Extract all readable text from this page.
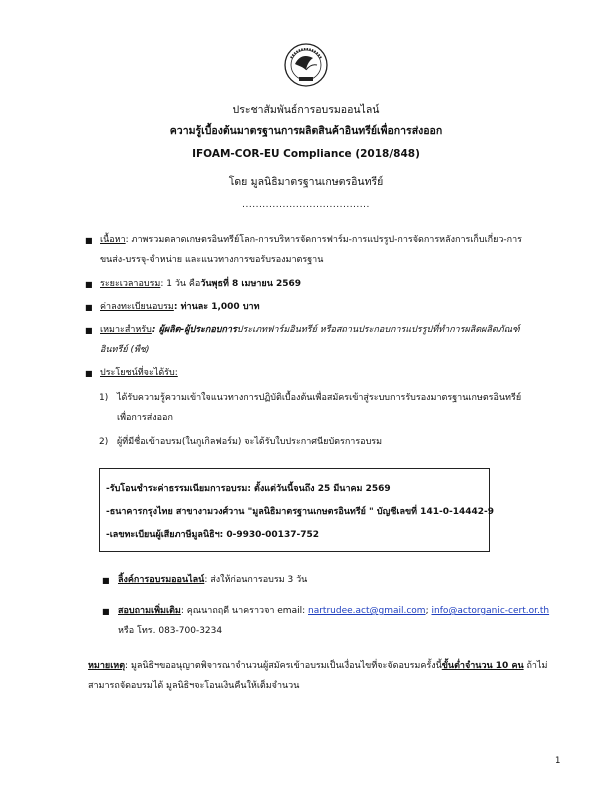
ประชาสัมพันธ์การอบรมออนไลน์
ความรู้เบื้องต้นมาตรฐานการผลิตสินค้าอินทรีย์เพื่อการส่งออก
IFOAM-COR-EU Compliance (2018/848)
โดย มูลนิธิมาตรฐานเกษตรอินทรีย์
......................................
■ เนื้อหา: ภาพรวมตลาดเกษตรอินทรีย์โลก-การบริหารจัดการฟาร์ม-การแปรรูป-การจัดการหลังการเก็บเกี่ยว-การ
ขนส่ง-บรรจุ-จำหน่าย และแนวทางการขอรับรองมาตรฐาน
■ ระยะเวลาอบรม: 1 วัน คือวันพุธที่ 8 เมษายน 2569
■ ค่าลงทะเบียนอบรม: ท่านละ 1,000 บาท
■ เหมาะสำหรับ: ผู้ผลิต-ผู้ประกอบการประเภทฟาร์มอินทรีย์ หรือสถานประกอบการแปรรูปที่ทำการผลิตผลิตภัณฑ์
อินทรีย์ (พืช)
■ ประโยชน์ที่จะได้รับ:
1) ได้รับความรู้ความเข้าใจแนวทางการปฏิบัติเบื้องต้นเพื่อสมัครเข้าสู่ระบบการรับรองมาตรฐานเกษตรอินทรีย์
เพื่อการส่งออก
2) ผู้ที่มีชื่อเข้าอบรม(ในกูเกิลฟอร์ม) จะได้รับใบประกาศนียบัตรการอบรม
-รับโอนชำระค่าธรรมเนียมการอบรม: ตั้งแต่วันนี้จนถึง 25 มีนาคม 2569
-ธนาคารกรุงไทย สาขางามวงศ์วาน "มูลนิธิมาตรฐานเกษตรอินทรีย์ " บัญชีเลขที่ 141-0-14442-9
-เลขทะเบียนผู้เสียภาษีมูลนิธิฯ: 0-9930-00137-752
■ ลิ้งค์การอบรมออนไลน์: ส่งให้ก่อนการอบรม 3 วัน
■ สอบถามเพิ่มเติม: คุณนาถฤดี นาคราวจา email: nartrudee.act@gmail.com; info@actorganic-cert.or.th
หรือ โทร. 083-700-3234
หมายเหตุ: มูลนิธิฯขออนุญาตพิจารณาจำนวนผู้สมัครเข้าอบรมเป็นเงื่อนไขที่จะจัดอบรมครั้งนี้ขั้นต่ำจำนวน 10 คน ถ้าไม่สามารถจัดอบรมได้ มูลนิธิฯจะโอนเงินคืนให้เต็มจำนวน
1
